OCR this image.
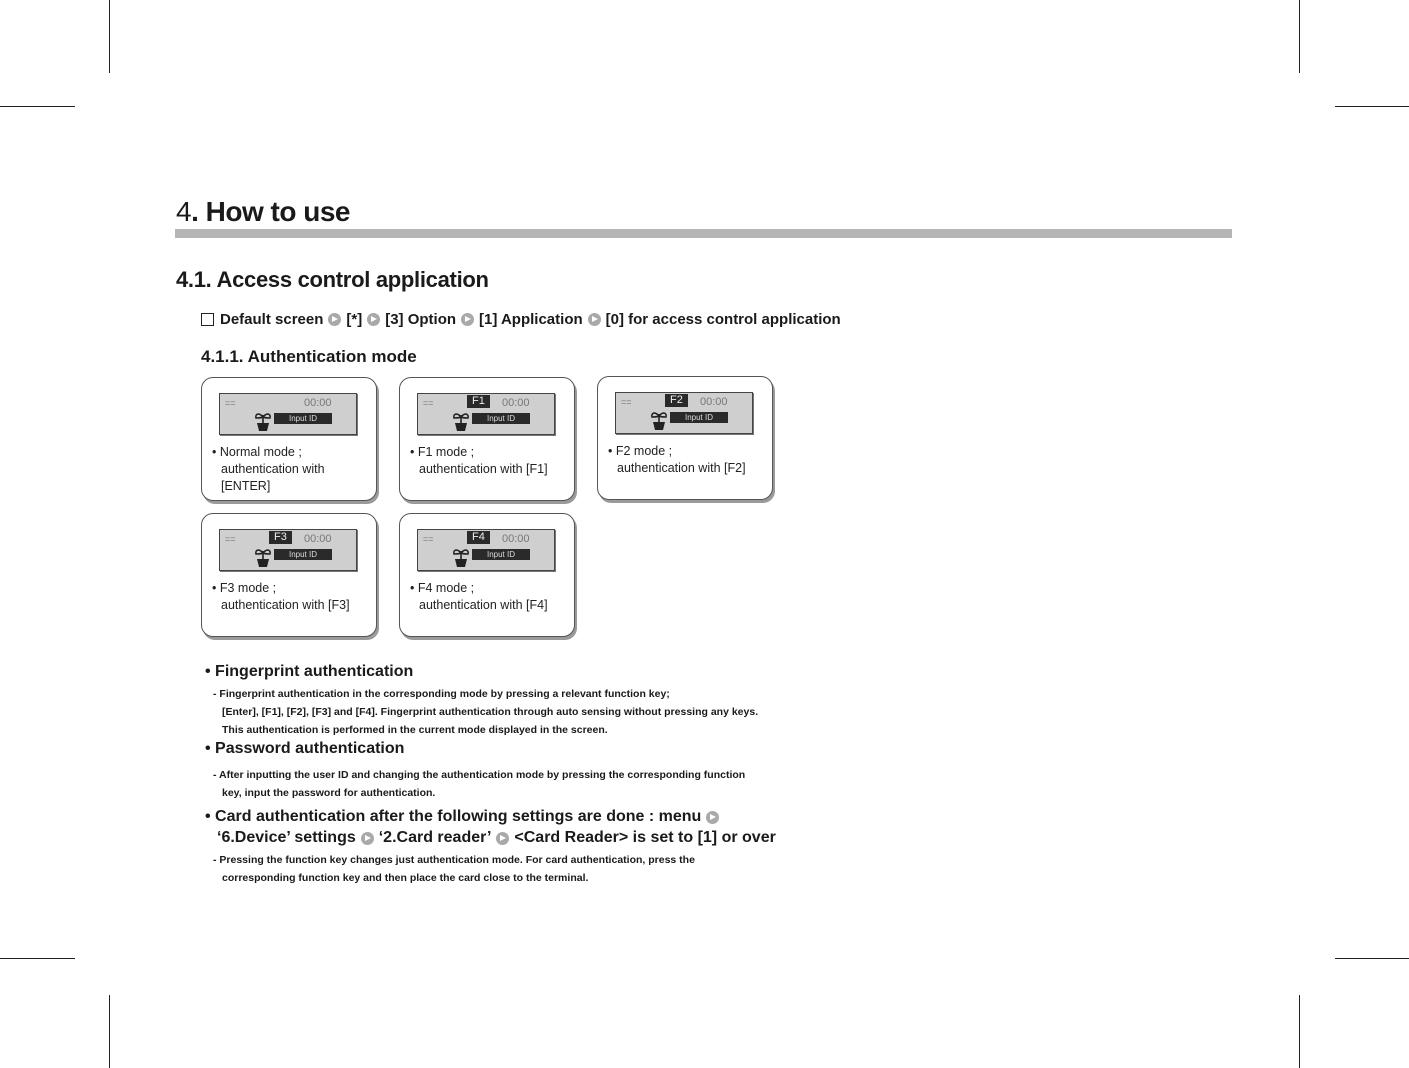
4. How to use
4.1. Access control application
Default screen [*] [3] Option [1] Application [0] for access control application
4.1.1. Authentication mode
==	00:00
Input ID
• Normal mode ;
authentication with
[ENTER]
==	F1	00:00
Input ID
• F1 mode ;
authentication with [F1]
==	F2	00:00
Input ID
• F2 mode ;
authentication with [F2]
==	F3	00:00
Input ID
• F3 mode ;
authentication with [F3]
==	F4	00:00
Input ID
• F4 mode ;
authentication with [F4]
• Fingerprint authentication
- Fingerprint authentication in the corresponding mode by pressing a relevant function key;
[Enter], [F1], [F2], [F3] and [F4]. Fingerprint authentication through auto sensing without pressing any keys.
This authentication is performed in the current mode displayed in the screen.
• Password authentication
- After inputting the user ID and changing the authentication mode by pressing the corresponding function
key, input the password for authentication.
• Card authentication after the following settings are done : menu
‘6.Device’ settings ‘2.Card reader’ <Card Reader> is set to [1] or over
- Pressing the function key changes just authentication mode. For card authentication, press the
corresponding function key and then place the card close to the terminal.
